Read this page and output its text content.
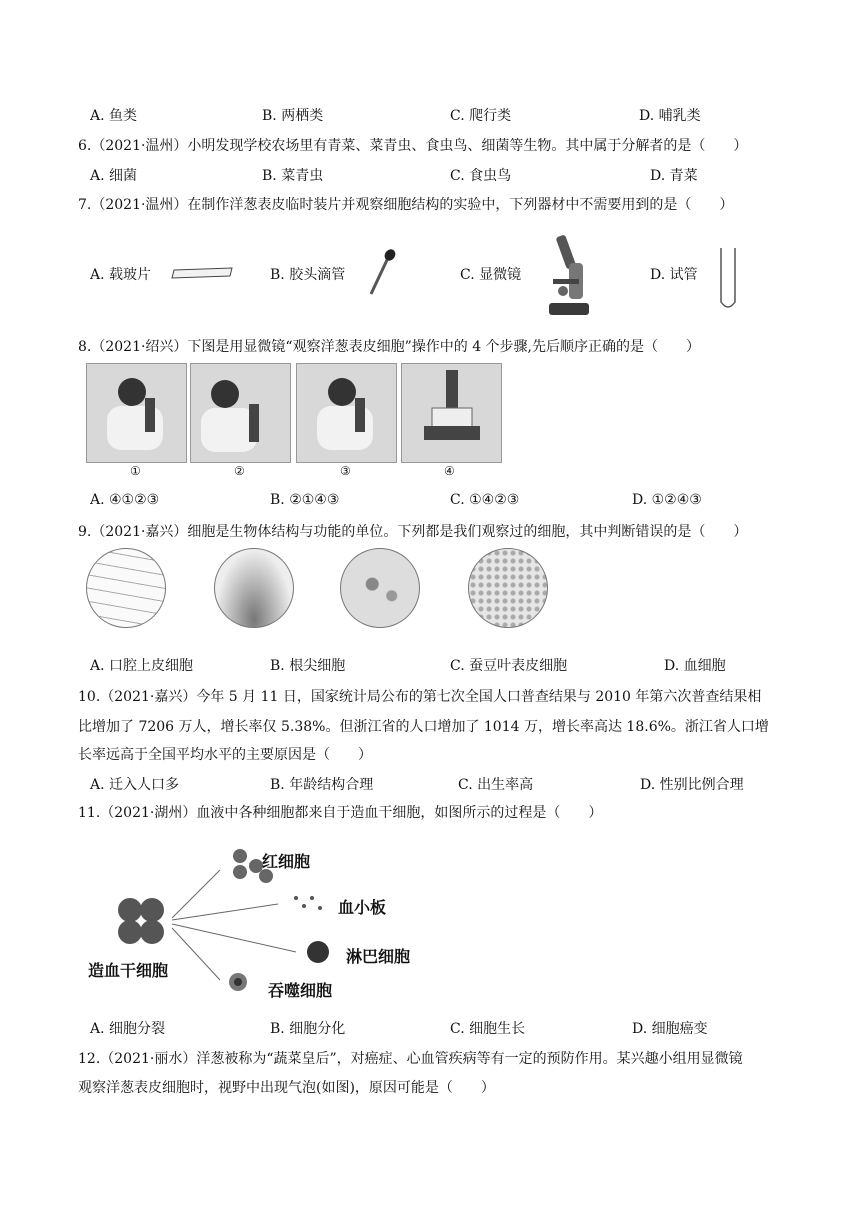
A. 鱼类	B. 两栖类	C. 爬行类	D. 哺乳类
6.（2021·温州）小明发现学校农场里有青菜、菜青虫、食虫鸟、细菌等生物。其中属于分解者的是（　　）
A. 细菌	B. 菜青虫	C. 食虫鸟	D. 青菜
7.（2021·温州）在制作洋葱表皮临时装片并观察细胞结构的实验中，下列器材中不需要用到的是（　　）
A. 载玻片	B. 胶头滴管	C. 显微镜	D. 试管
8.（2021·绍兴）下图是用显微镜“观察洋葱表皮细胞”操作中的 4 个步骤,先后顺序正确的是（　　）
①	②	③	④
A. ④①②③	B. ②①④③	C. ①④②③	D. ①②④③
9.（2021·嘉兴）细胞是生物体结构与功能的单位。下列都是我们观察过的细胞，其中判断错误的是（　　）
A. 口腔上皮细胞	B. 根尖细胞	C. 蚕豆叶表皮细胞	D. 血细胞
10.（2021·嘉兴）今年 5 月 11 日，国家统计局公布的第七次全国人口普查结果与 2010 年第六次普查结果相
比增加了 7206 万人，增长率仅 5.38%。但浙江省的人口增加了 1014 万，增长率高达 18.6%。浙江省人口增
长率远高于全国平均水平的主要原因是（　　）
A. 迁入人口多	B. 年龄结构合理	C. 出生率高	D. 性别比例合理
11.（2021·湖州）血液中各种细胞都来自于造血干细胞，如图所示的过程是（　　）
红细胞
血小板
淋巴细胞
造血干细胞
吞噬细胞
A. 细胞分裂	B. 细胞分化	C. 细胞生长	D. 细胞癌变
12.（2021·丽水）洋葱被称为“蔬菜皇后”，对癌症、心血管疾病等有一定的预防作用。某兴趣小组用显微镜
观察洋葱表皮细胞时，视野中出现气泡(如图)，原因可能是（　　）
